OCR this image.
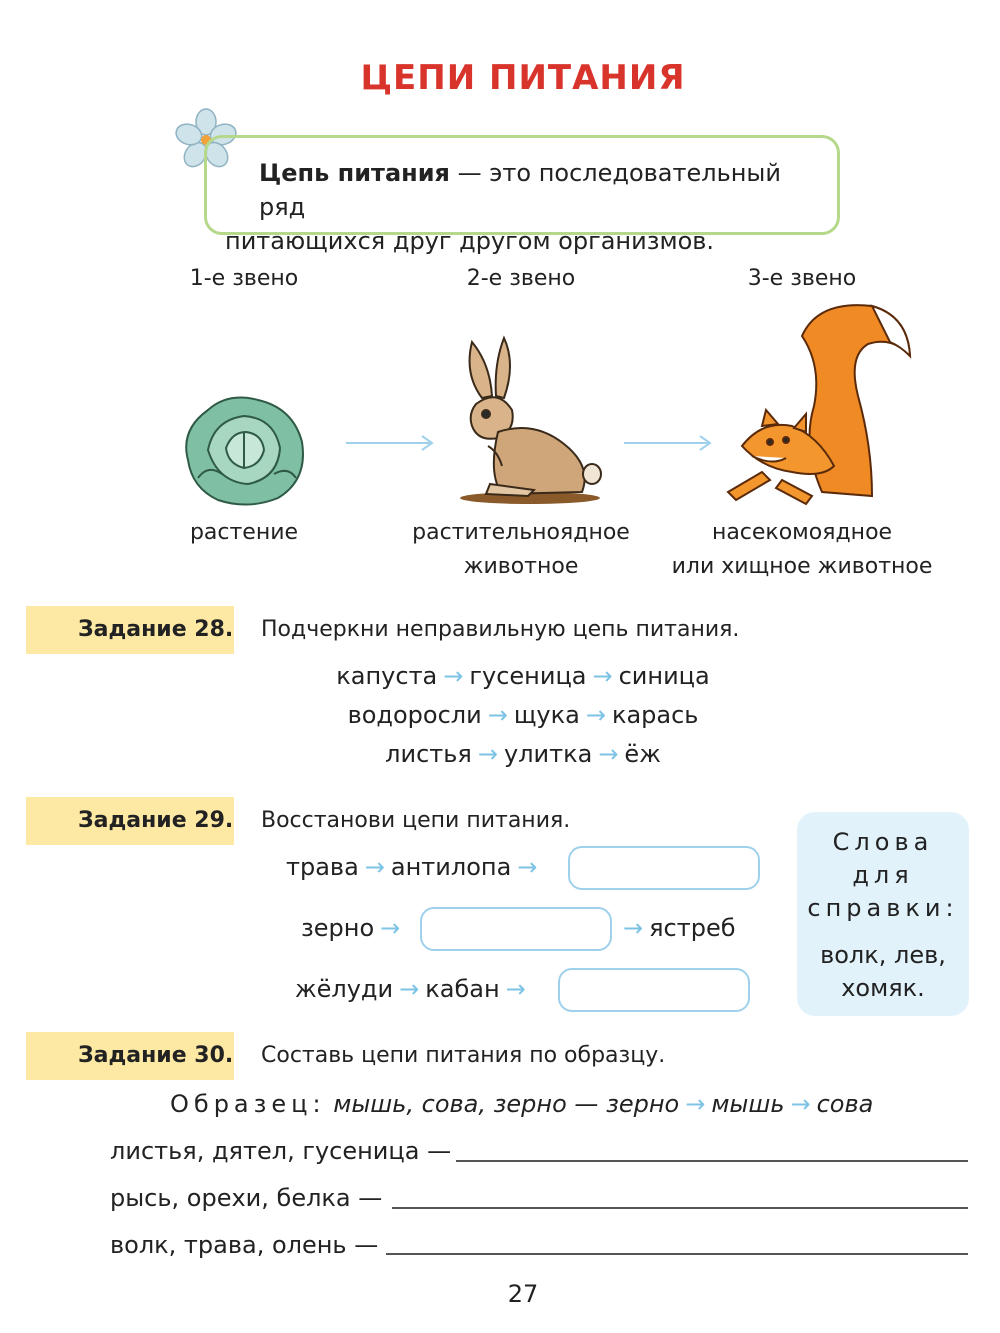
ЦЕПИ ПИТАНИЯ
Цепь питания — это последовательный ряд
питающихся друг другом организмов.
1-е звено	2-е звено	3-е звено
растение	растительноядное
животное
насекомоядное
или хищное животное
Задание 28. Подчеркни неправильную цепь питания.
капуста → гусеница → синица
водоросли → щука → карась
листья → улитка → ёж
Задание 29. Восстанови цепи питания.
трава → антилопа →
зерно →	→ ястреб
жёлуди → кабан →
Слова
для
справки:
волк, лев,
хомяк.
Задание 30. Составь цепи питания по образцу.
Образец: мышь, сова, зерно — зерно → мышь → сова
листья, дятел, гусеница —
рысь, орехи, белка —
волк, трава, олень —
27
